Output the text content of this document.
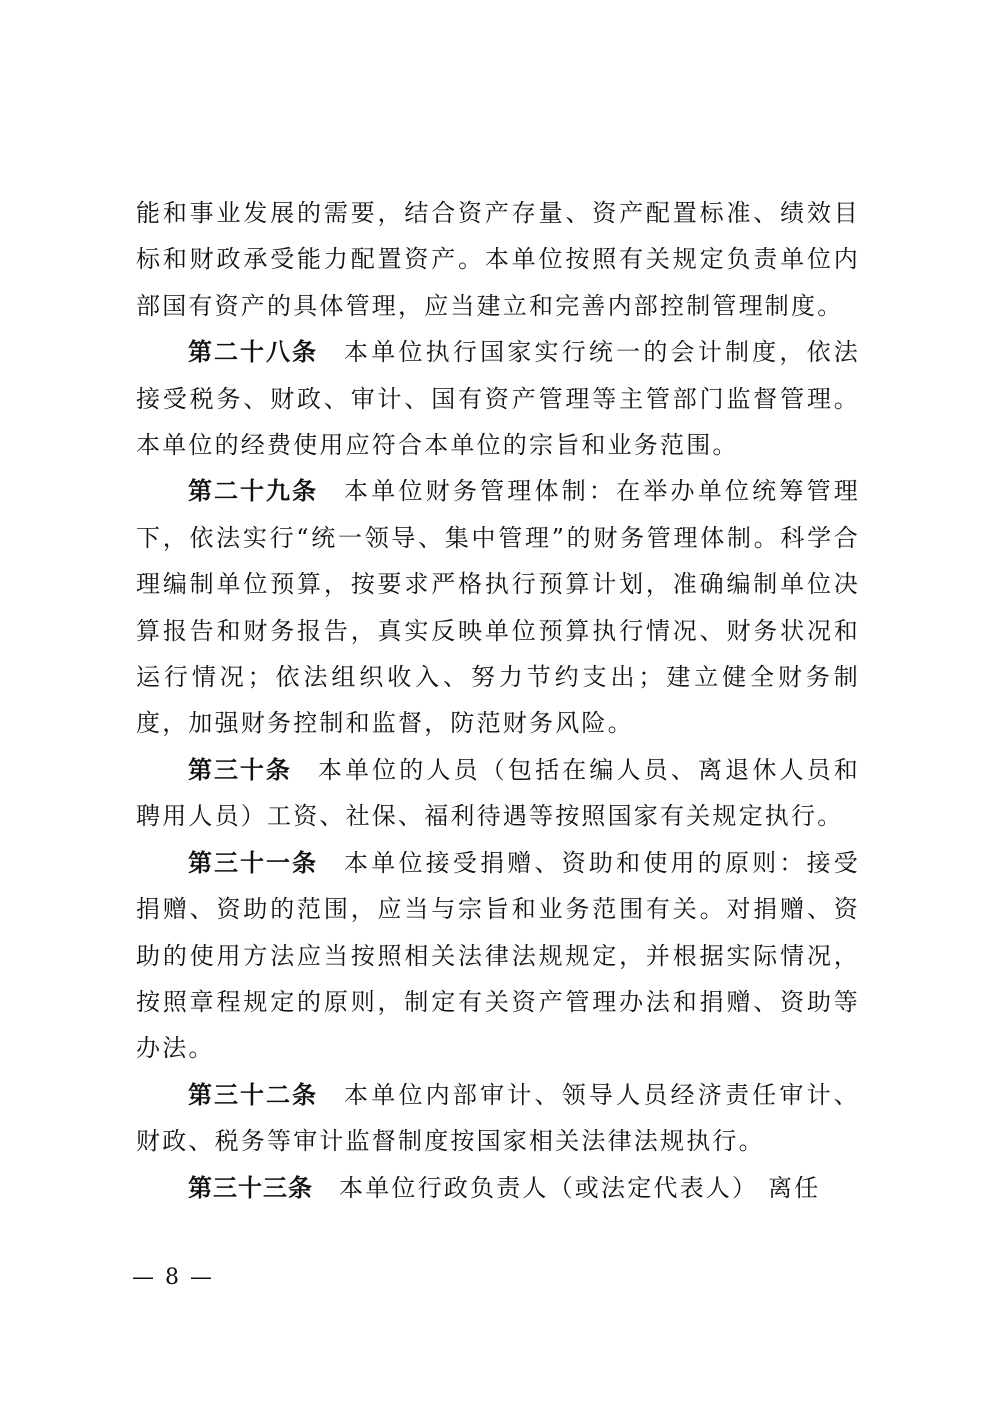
能和事业发展的需要，结合资产存量、资产配置标准、绩效目标和财政承受能力配置资产。本单位按照有关规定负责单位内部国有资产的具体管理，应当建立和完善内部控制管理制度。

第二十八条 本单位执行国家实行统一的会计制度，依法接受税务、财政、审计、国有资产管理等主管部门监督管理。本单位的经费使用应符合本单位的宗旨和业务范围。

第二十九条 本单位财务管理体制：在举办单位统筹管理下，依法实行“统一领导、集中管理”的财务管理体制。科学合理编制单位预算，按要求严格执行预算计划，准确编制单位决算报告和财务报告，真实反映单位预算执行情况、财务状况和运行情况；依法组织收入、努力节约支出；建立健全财务制度，加强财务控制和监督，防范财务风险。

第三十条 本单位的人员（包括在编人员、离退休人员和聘用人员）工资、社保、福利待遇等按照国家有关规定执行。

第三十一条 本单位接受捐赠、资助和使用的原则：接受捐赠、资助的范围，应当与宗旨和业务范围有关。对捐赠、资助的使用方法应当按照相关法律法规规定，并根据实际情况，按照章程规定的原则，制定有关资产管理办法和捐赠、资助等办法。

第三十二条 本单位内部审计、领导人员经济责任审计、财政、税务等审计监督制度按国家相关法律法规执行。

第三十三条 本单位行政负责人（或法定代表人） 离任

— 8 —
